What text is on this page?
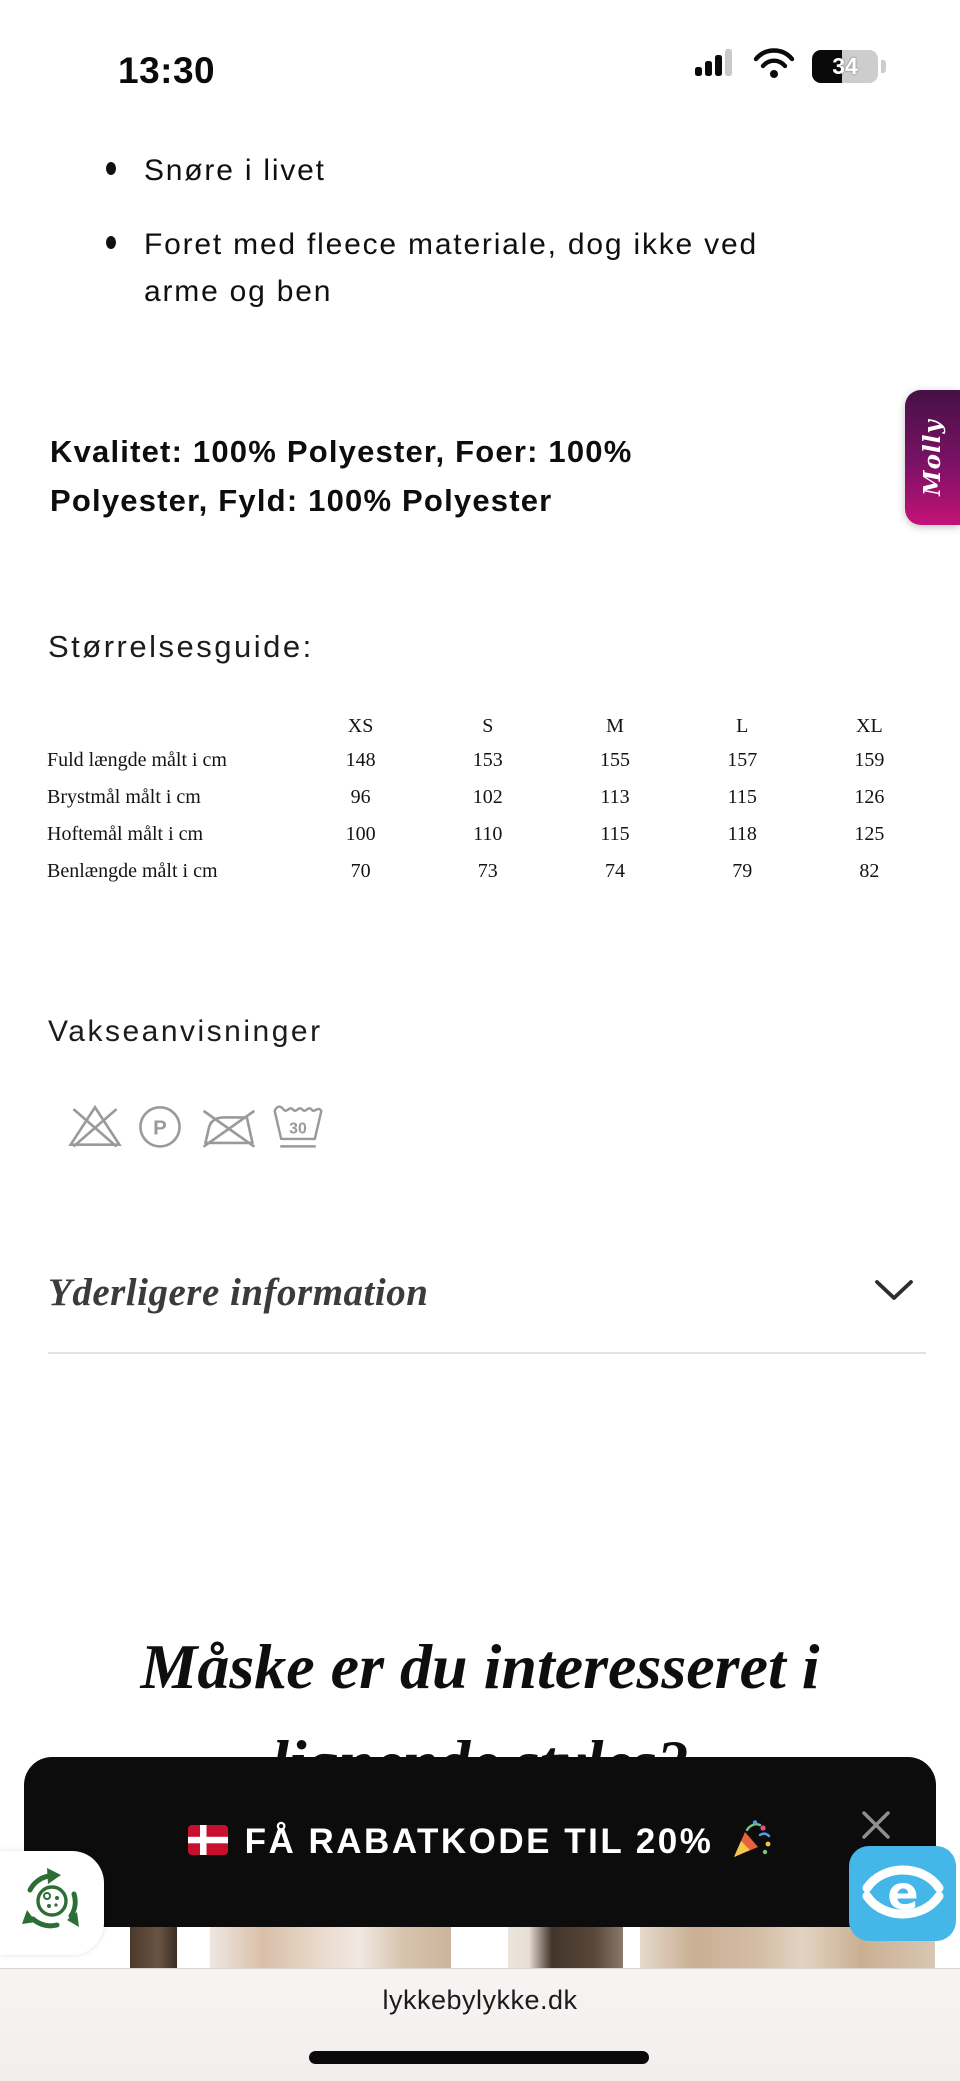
13:30	34
Snøre i livet
Foret med fleece materiale, dog ikke ved arme og ben
Kvalitet: 100% Polyester, Foer: 100% Polyester, Fyld: 100% Polyester
Molly
Størrelsesguide:
XS	S	M	L	XL
Fuld længde målt i cm	148	153	155	157	159
Brystmål målt i cm	96	102	113	115	126
Hoftemål målt i cm	100	110	115	118	125
Benlængde målt i cm	70	73	74	79	82
Vakseanvisninger
P	30
Yderligere information
Måske er du interesseret i
FÅ RABATKODE TIL 20%
e
lykkebylykke.dk
